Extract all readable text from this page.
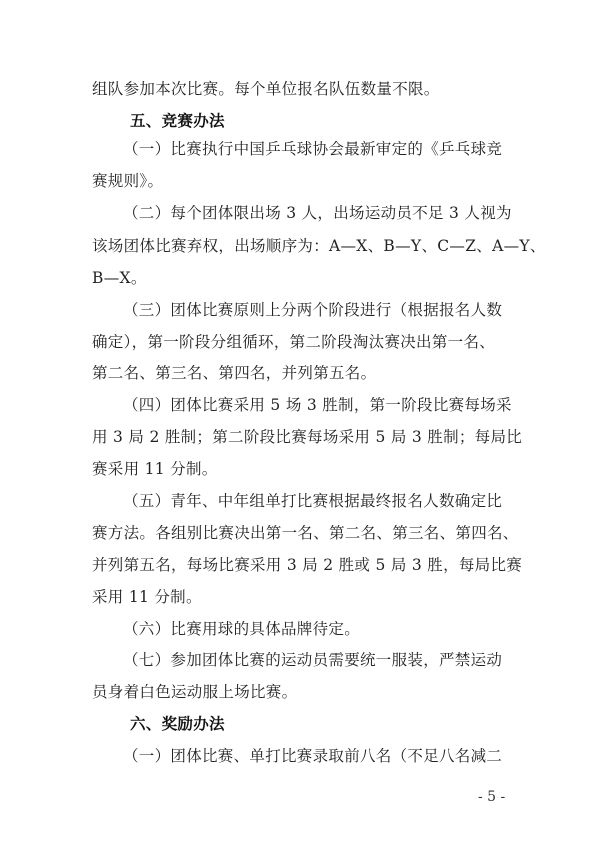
组队参加本次比赛。每个单位报名队伍数量不限。
五、竞赛办法
（一）比赛执行中国乒乓球协会最新审定的《乒乓球竞
赛规则》。
（二）每个团体限出场 3 人，出场运动员不足 3 人视为
该场团体比赛弃权，出场顺序为：A—X、B—Y、C—Z、A—Y、
B—X。
（三）团体比赛原则上分两个阶段进行（根据报名人数
确定），第一阶段分组循环，第二阶段淘汰赛决出第一名、
第二名、第三名、第四名，并列第五名。
（四）团体比赛采用 5 场 3 胜制，第一阶段比赛每场采
用 3 局 2 胜制；第二阶段比赛每场采用 5 局 3 胜制；每局比
赛采用 11 分制。
（五）青年、中年组单打比赛根据最终报名人数确定比
赛方法。各组别比赛决出第一名、第二名、第三名、第四名、
并列第五名，每场比赛采用 3 局 2 胜或 5 局 3 胜，每局比赛
采用 11 分制。
（六）比赛用球的具体品牌待定。
（七）参加团体比赛的运动员需要统一服装，严禁运动
员身着白色运动服上场比赛。
六、奖励办法
（一）团体比赛、单打比赛录取前八名（不足八名减二
- 5 -
